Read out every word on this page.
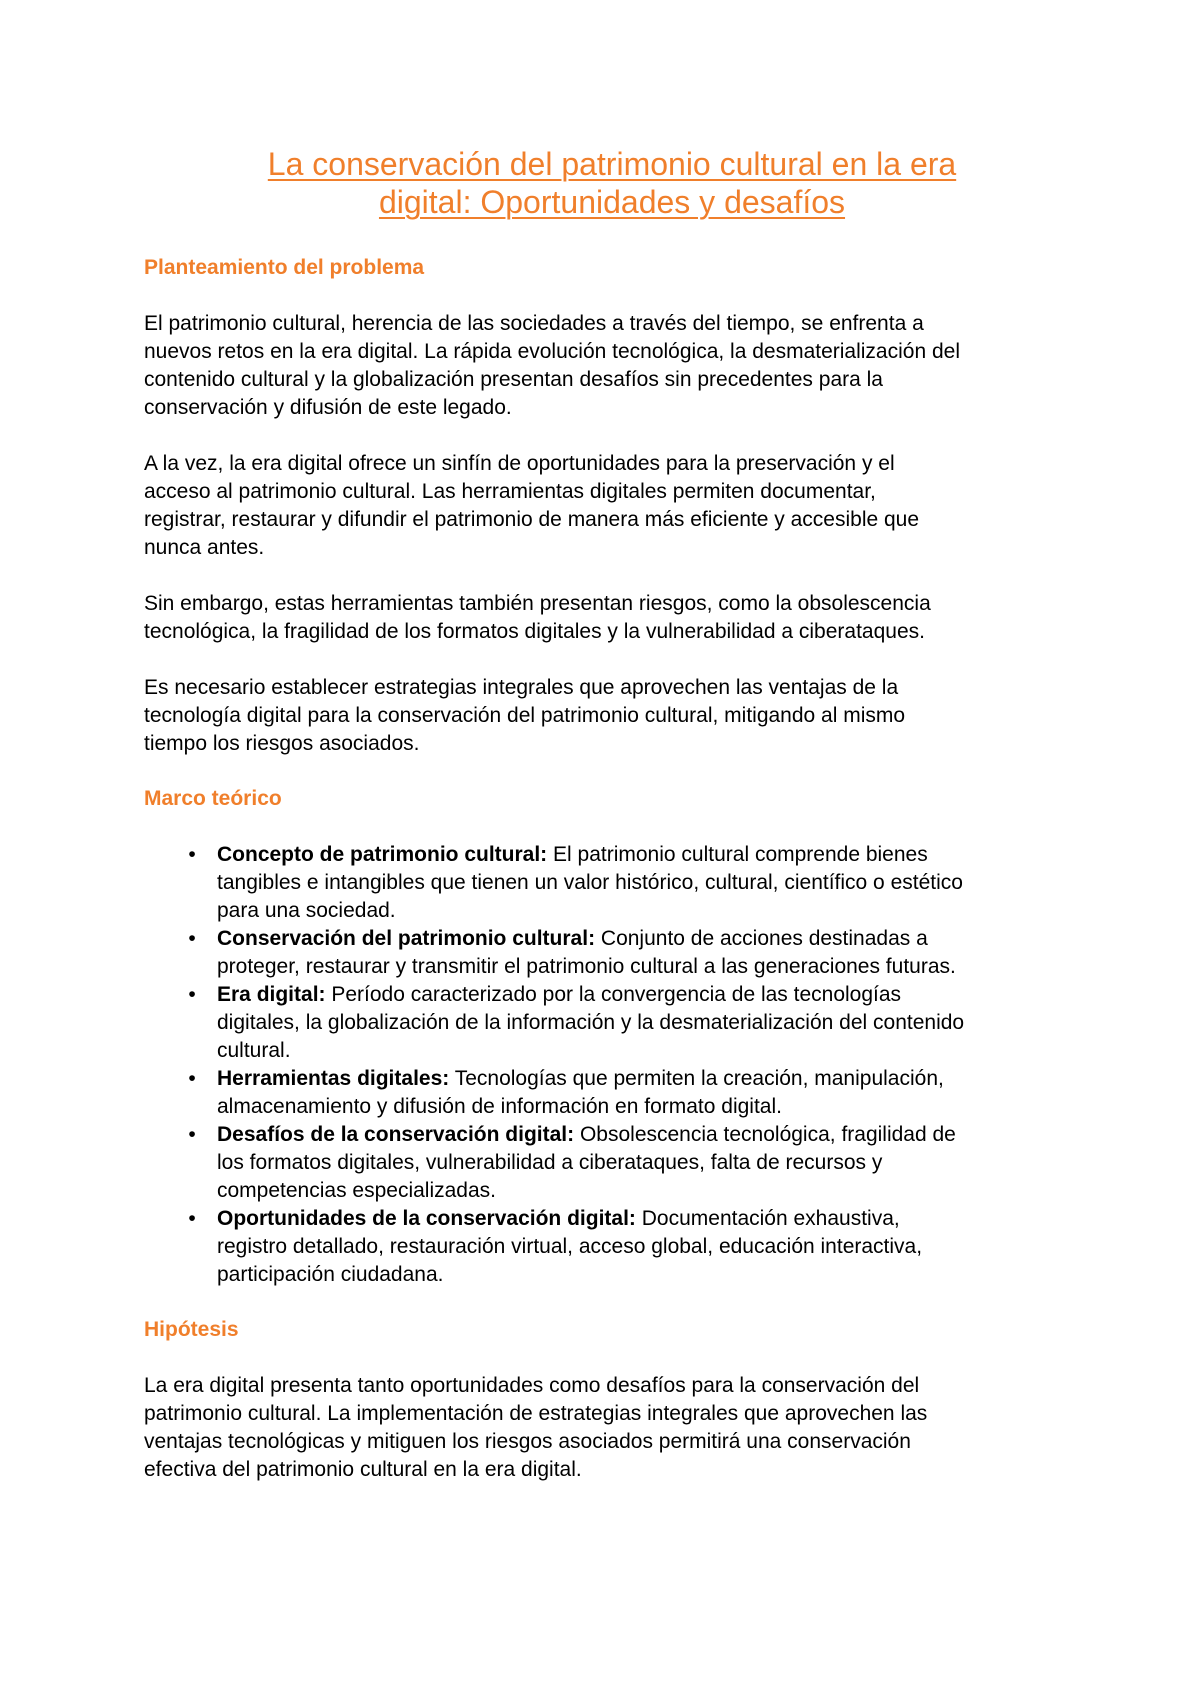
La conservación del patrimonio cultural en la era
digital: Oportunidades y desafíos
Planteamiento del problema

El patrimonio cultural, herencia de las sociedades a través del tiempo, se enfrenta a
nuevos retos en la era digital. La rápida evolución tecnológica, la desmaterialización del
contenido cultural y la globalización presentan desafíos sin precedentes para la
conservación y difusión de este legado.

A la vez, la era digital ofrece un sinfín de oportunidades para la preservación y el
acceso al patrimonio cultural. Las herramientas digitales permiten documentar,
registrar, restaurar y difundir el patrimonio de manera más eficiente y accesible que
nunca antes.

Sin embargo, estas herramientas también presentan riesgos, como la obsolescencia
tecnológica, la fragilidad de los formatos digitales y la vulnerabilidad a ciberataques.

Es necesario establecer estrategias integrales que aprovechen las ventajas de la
tecnología digital para la conservación del patrimonio cultural, mitigando al mismo
tiempo los riesgos asociados.

Marco teórico
• Concepto de patrimonio cultural: El patrimonio cultural comprende bienes
tangibles e intangibles que tienen un valor histórico, cultural, científico o estético
para una sociedad.
• Conservación del patrimonio cultural: Conjunto de acciones destinadas a
proteger, restaurar y transmitir el patrimonio cultural a las generaciones futuras.
• Era digital: Período caracterizado por la convergencia de las tecnologías
digitales, la globalización de la información y la desmaterialización del contenido
cultural.
• Herramientas digitales: Tecnologías que permiten la creación, manipulación,
almacenamiento y difusión de información en formato digital.
• Desafíos de la conservación digital: Obsolescencia tecnológica, fragilidad de
los formatos digitales, vulnerabilidad a ciberataques, falta de recursos y
competencias especializadas.
• Oportunidades de la conservación digital: Documentación exhaustiva,
registro detallado, restauración virtual, acceso global, educación interactiva,
participación ciudadana.
Hipótesis

La era digital presenta tanto oportunidades como desafíos para la conservación del
patrimonio cultural. La implementación de estrategias integrales que aprovechen las
ventajas tecnológicas y mitiguen los riesgos asociados permitirá una conservación
efectiva del patrimonio cultural en la era digital.
